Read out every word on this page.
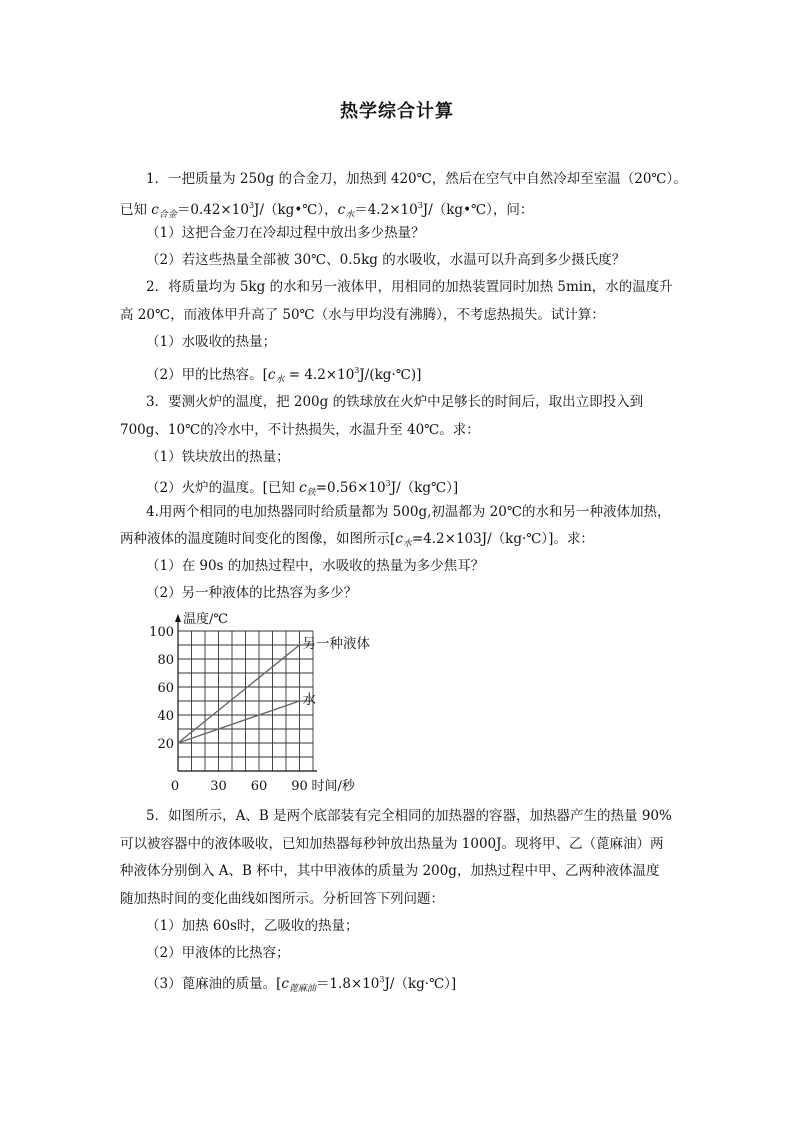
热学综合计算
1．一把质量为 250g 的合金刀，加热到 420℃，然后在空气中自然冷却至室温（20℃）。
已知 $c_{合金}=0.42\times 10^3J/(kg•℃)$，$c_水=4.2\times 10^3J/(kg•℃)$，问：
（1）这把合金刀在冷却过程中放出多少热量？
（2）若这些热量全部被 30℃、0.5kg 的水吸收，水温可以升高到多少摄氏度？
2．将质量均为 5kg 的水和另一液体甲，用相同的加热装置同时加热 5min，水的温度升
高 20℃，而液体甲升高了 50℃（水与甲均没有沸腾），不考虑热损失。试计算：
（1）水吸收的热量；
（2）甲的比热容。[$c_水$ = $4.2\times 10^3J/(kg\cdot℃)$]
3．要测火炉的温度，把 200g 的铁球放在火炉中足够长的时间后，取出立即投入到
700g、10℃的冷水中，不计热损失，水温升至 40℃。求：
（1）铁块放出的热量；
（2）火炉的温度。[已知 $c_铁=0.56\times 10^3J/(kg℃)$]
4.用两个相同的电加热器同时给质量都为 500g,初温都为 20℃的水和另一种液体加热，
两种液体的温度随时间变化的图像，如图所示$[c_水=4.2\times 103J/(kg\cdot℃)]$。求：
（1）在 90s 的加热过程中，水吸收的热量为多少焦耳？
（2）另一种液体的比热容为多少？
20
40
60
80
100
0 30 60 90
温度/℃
时间/秒
另一种液体
水
5．如图所示，A、B 是两个底部装有完全相同的加热器的容器，加热器产生的热量 90%
可以被容器中的液体吸收，已知加热器每秒钟放出热量为 1000J。现将甲、乙（蓖麻油）两
种液体分别倒入 A、B 杯中，其中甲液体的质量为 200g，加热过程中甲、乙两种液体温度
随加热时间的变化曲线如图所示。分析回答下列问题：
（1）加热 60s时，乙吸收的热量；
（2）甲液体的比热容；
（3）蓖麻油的质量。$[c_{蓖麻油}=1.8\times 10^3J/(kg\cdot℃)]$
